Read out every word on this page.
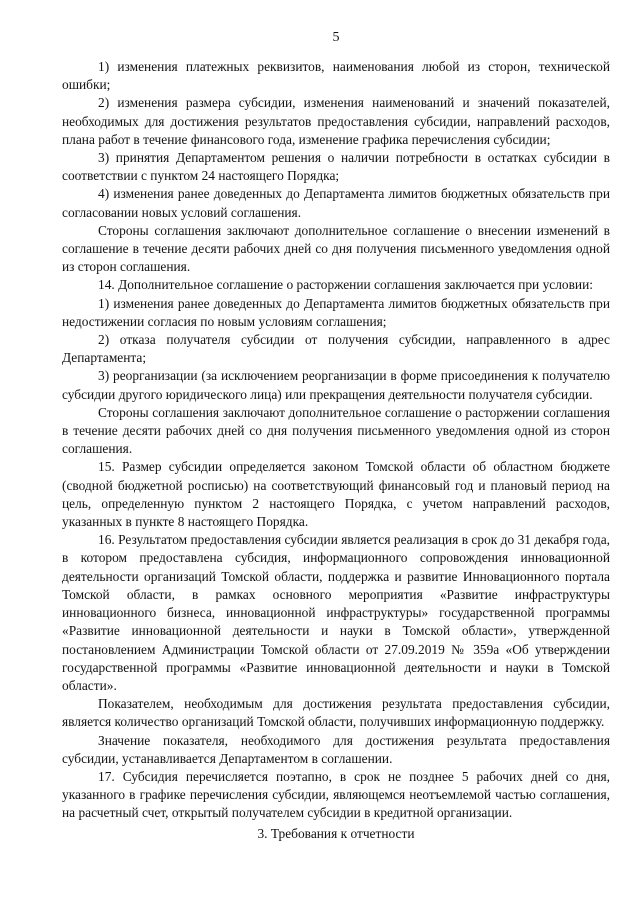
5

1) изменения платежных реквизитов, наименования любой из сторон, технической ошибки;

2) изменения размера субсидии, изменения наименований и значений показателей, необходимых для достижения результатов предоставления субсидии, направлений расходов, плана работ в течение финансового года, изменение графика перечисления субсидии;

3) принятия Департаментом решения о наличии потребности в остатках субсидии в соответствии с пунктом 24 настоящего Порядка;

4) изменения ранее доведенных до Департамента лимитов бюджетных обязательств при согласовании новых условий соглашения.

Стороны соглашения заключают дополнительное соглашение о внесении изменений в соглашение в течение десяти рабочих дней со дня получения письменного уведомления одной из сторон соглашения.

14. Дополнительное соглашение о расторжении соглашения заключается при условии:

1) изменения ранее доведенных до Департамента лимитов бюджетных обязательств при недостижении согласия по новым условиям соглашения;

2) отказа получателя субсидии от получения субсидии, направленного в адрес Департамента;

3) реорганизации (за исключением реорганизации в форме присоединения к получателю субсидии другого юридического лица) или прекращения деятельности получателя субсидии.

Стороны соглашения заключают дополнительное соглашение о расторжении соглашения в течение десяти рабочих дней со дня получения письменного уведомления одной из сторон соглашения.

15. Размер субсидии определяется законом Томской области об областном бюджете (сводной бюджетной росписью) на соответствующий финансовый год и плановый период на цель, определенную пунктом 2 настоящего Порядка, с учетом направлений расходов, указанных в пункте 8 настоящего Порядка.

16. Результатом предоставления субсидии является реализация в срок до 31 декабря года, в котором предоставлена субсидия, информационного сопровождения инновационной деятельности организаций Томской области, поддержка и развитие Инновационного портала Томской области, в рамках основного мероприятия «Развитие инфраструктуры инновационного бизнеса, инновационной инфраструктуры» государственной программы «Развитие инновационной деятельности и науки в Томской области», утвержденной постановлением Администрации Томской области от 27.09.2019 № 359а «Об утверждении государственной программы «Развитие инновационной деятельности и науки в Томской области».

Показателем, необходимым для достижения результата предоставления субсидии, является количество организаций Томской области, получивших информационную поддержку.

Значение показателя, необходимого для достижения результата предоставления субсидии, устанавливается Департаментом в соглашении.

17. Субсидия перечисляется поэтапно, в срок не позднее 5 рабочих дней со дня, указанного в графике перечисления субсидии, являющемся неотъемлемой частью соглашения, на расчетный счет, открытый получателем субсидии в кредитной организации.

3. Требования к отчетности
